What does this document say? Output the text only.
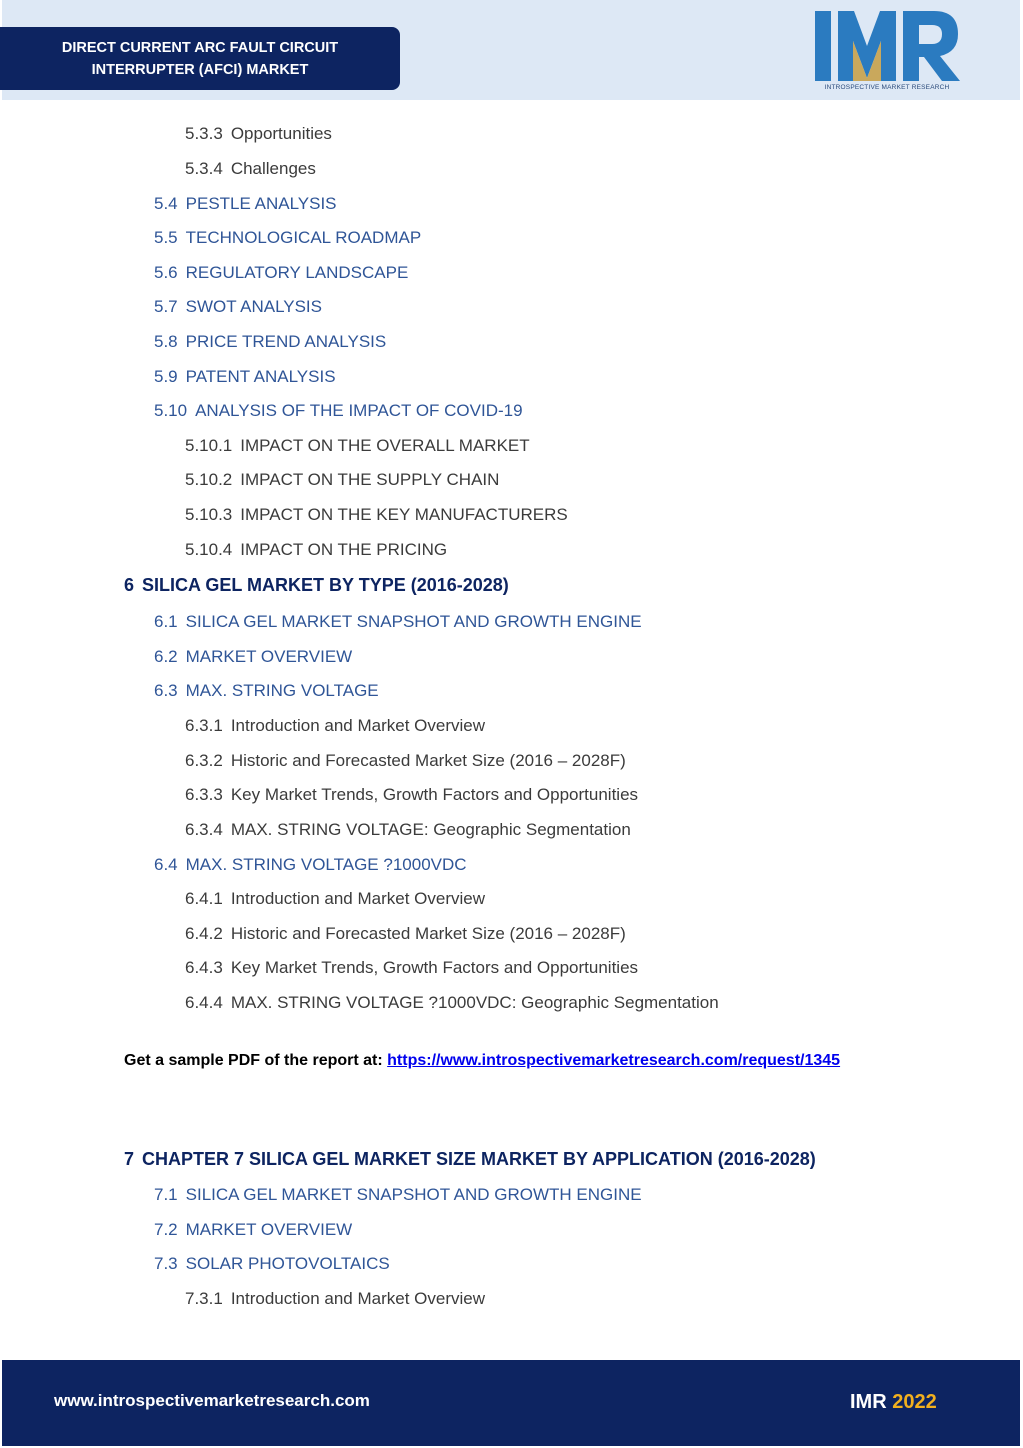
DIRECT CURRENT ARC FAULT CIRCUIT
INTERRUPTER (AFCI) MARKET
INTROSPECTIVE MARKET RESEARCH
5.3.3 Opportunities
5.3.4 Challenges
5.4 PESTLE ANALYSIS
5.5 TECHNOLOGICAL ROADMAP
5.6 REGULATORY LANDSCAPE
5.7 SWOT ANALYSIS
5.8 PRICE TREND ANALYSIS
5.9 PATENT ANALYSIS
5.10 ANALYSIS OF THE IMPACT OF COVID-19
5.10.1 IMPACT ON THE OVERALL MARKET
5.10.2 IMPACT ON THE SUPPLY CHAIN
5.10.3 IMPACT ON THE KEY MANUFACTURERS
5.10.4 IMPACT ON THE PRICING
6 SILICA GEL MARKET BY TYPE (2016-2028)
6.1 SILICA GEL MARKET SNAPSHOT AND GROWTH ENGINE
6.2 MARKET OVERVIEW
6.3 MAX. STRING VOLTAGE
6.3.1 Introduction and Market Overview
6.3.2 Historic and Forecasted Market Size (2016 – 2028F)
6.3.3 Key Market Trends, Growth Factors and Opportunities
6.3.4 MAX. STRING VOLTAGE: Geographic Segmentation
6.4 MAX. STRING VOLTAGE ?1000VDC
6.4.1 Introduction and Market Overview
6.4.2 Historic and Forecasted Market Size (2016 – 2028F)
6.4.3 Key Market Trends, Growth Factors and Opportunities
6.4.4 MAX. STRING VOLTAGE ?1000VDC: Geographic Segmentation
Get a sample PDF of the report at: https://www.introspectivemarketresearch.com/request/1345
7 CHAPTER 7 SILICA GEL MARKET SIZE MARKET BY APPLICATION (2016-2028)
7.1 SILICA GEL MARKET SNAPSHOT AND GROWTH ENGINE
7.2 MARKET OVERVIEW
7.3 SOLAR PHOTOVOLTAICS
7.3.1 Introduction and Market Overview
www.introspectivemarketresearch.com	IMR 2022
